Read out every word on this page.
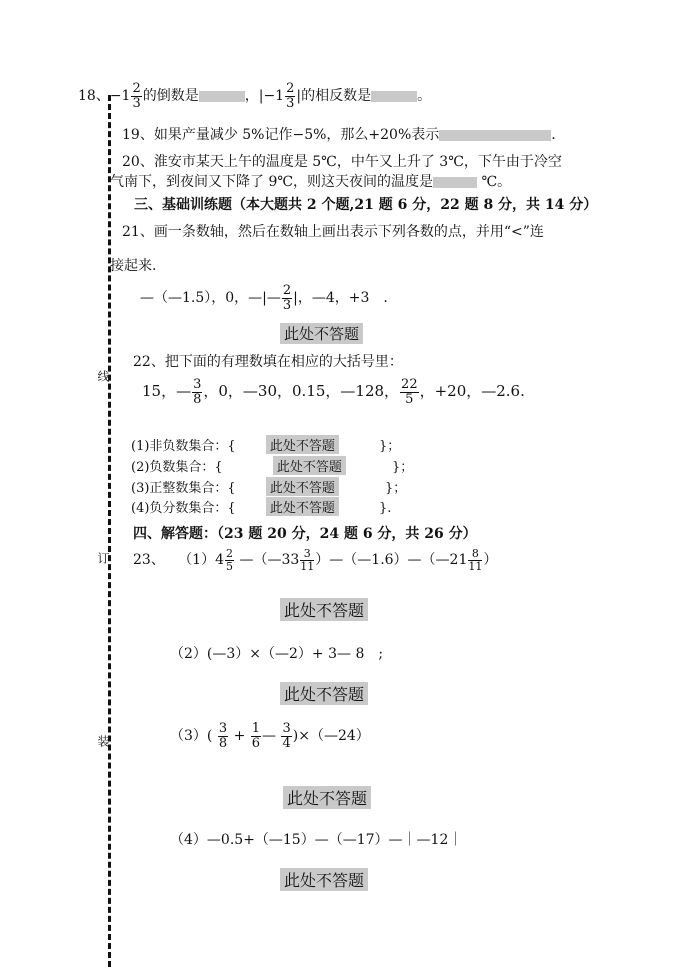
线
订
装
18、$-1 \frac{2}{3}$ 的倒数是	，$|-1 \frac{2}{3}$ |的相反数是	。
19、如果产量减少 5%记作−5%，那么+20%表示	.
20、淮安市某天上午的温度是 5℃，中午又上升了 3℃，下午由于冷空
气南下，到夜间又下降了 9℃，则这天夜间的温度是	℃。
三、基础训练题（本大题共 2 个题,21 题 6 分，22 题 8 分，共 14 分）
21、画一条数轴，然后在数轴上画出表示下列各数的点，并用“<”连
接起来.
—（—1.5），0，—|— $\frac{2}{3}$ |，—4，+3　.
此处不答题
22、把下面的有理数填在相应的大括号里：
15，— $\frac{3}{8}$ ，0，—30，0.15，—128， $\frac{22}{5}$ ，+20，—2.6.
(1)非负数集合：{	此处不答题	}；
(2)负数集合：{	此处不答题	}；
(3)正整数集合：{	此处不答题	}；
(4)负分数集合：{	此处不答题	}.
四、解答题：（23 题 20 分，24 题 6 分，共 26 分）
23、 $(1)4 \frac{2}{5}$ —（—33 $\frac{3}{11}$ ）—（—1.6）—（—21 $\frac{8}{11}$ ）
此处不答题
（2）(—3）×（—2）+ 3— 8　;
此处不答题
$(3)( \frac{3}{8} + \frac{1}{6}$ — $\frac{3}{4}$ )×（—24）
此处不答题
（4）—0.5+（—15）—（—17）—｜—12｜
此处不答题
